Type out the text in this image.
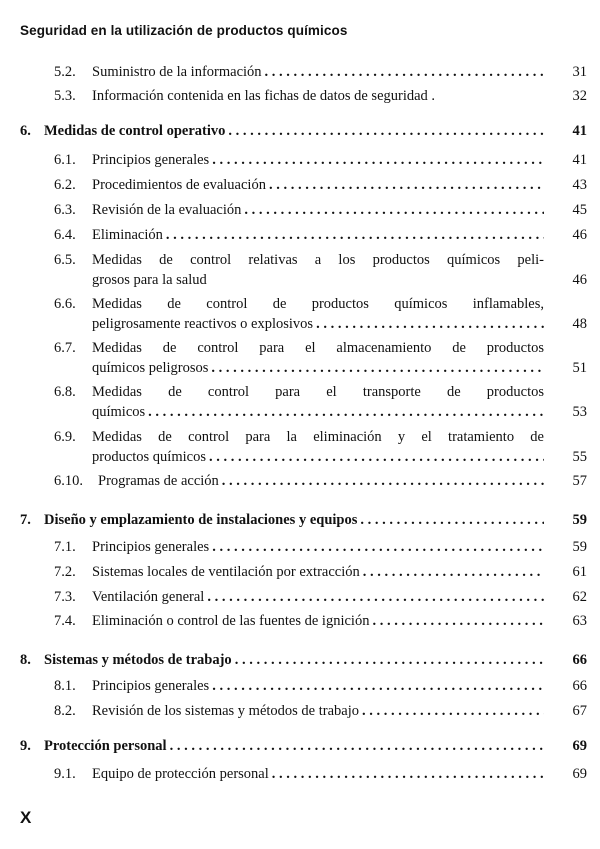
Seguridad en la utilización de productos químicos
5.2. Suministro de la información . . .	31
5.3. Información contenida en las fichas de datos de seguridad .	32
6. Medidas de control operativo . . .	41
6.1. Principios generales . . .	41
6.2. Procedimientos de evaluación . . .	43
6.3. Revisión de la evaluación . . .	45
6.4. Eliminación . . .	46
6.5. Medidas de control relativas a los productos químicos peli-
grosos para la salud	46
6.6. Medidas de control de productos químicos inflamables,
peligrosamente reactivos o explosivos . . .	48
6.7. Medidas de control para el almacenamiento de productos
químicos peligrosos . . .	51
6.8. Medidas de control para el transporte de productos
químicos . . .	53
6.9. Medidas de control para la eliminación y el tratamiento de
productos químicos . . .	55
6.10. Programas de acción . . .	57
7. Diseño y emplazamiento de instalaciones y equipos . . .	59
7.1. Principios generales . . .	59
7.2. Sistemas locales de ventilación por extracción . . .	61
7.3. Ventilación general . . .	62
7.4. Eliminación o control de las fuentes de ignición . . .	63
8. Sistemas y métodos de trabajo . . .	66
8.1. Principios generales . . .	66
8.2. Revisión de los sistemas y métodos de trabajo . . .	67
9. Protección personal . . .	69
9.1. Equipo de protección personal . . .	69
X
